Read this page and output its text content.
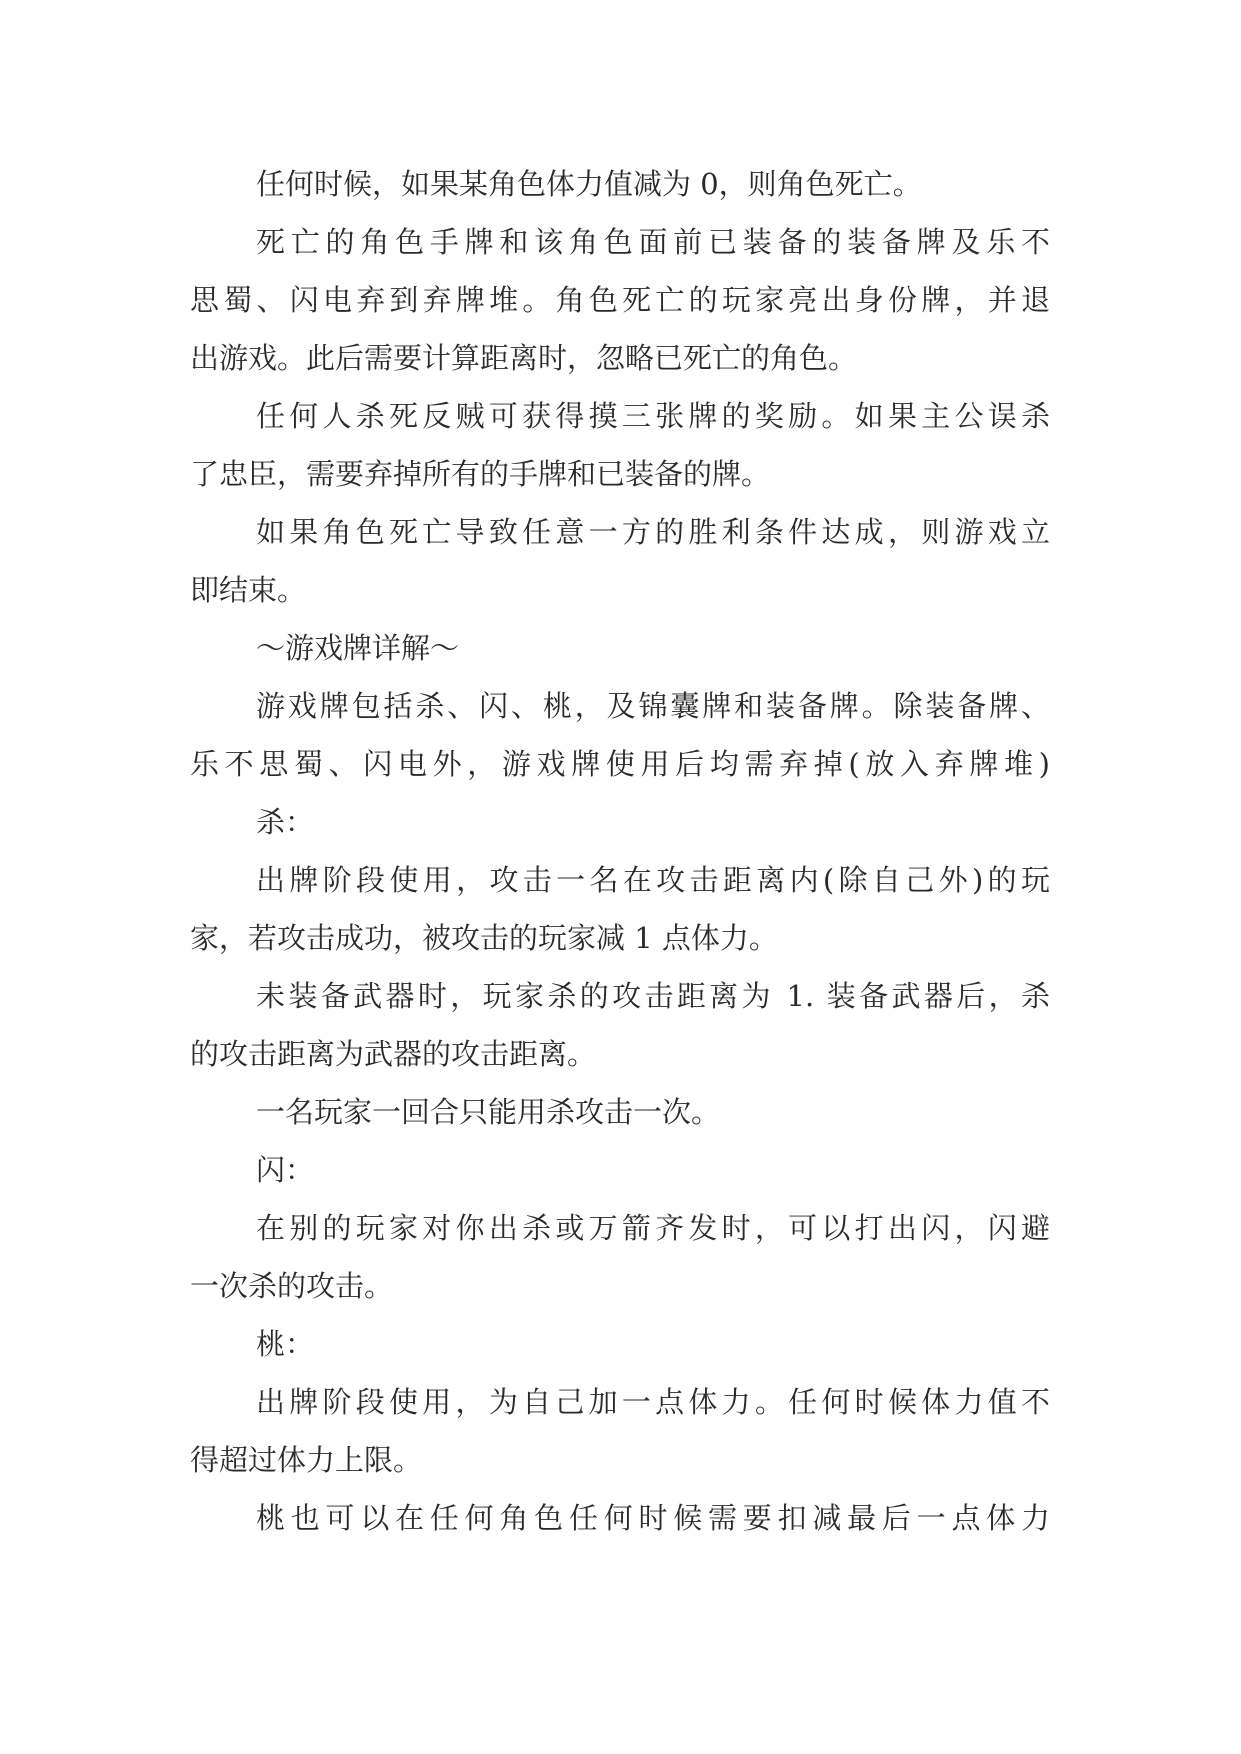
任何时候，如果某角色体力值减为 0，则角色死亡。
死亡的角色手牌和该角色面前已装备的装备牌及乐不
思蜀、闪电弃到弃牌堆。角色死亡的玩家亮出身份牌，并退
出游戏。此后需要计算距离时，忽略已死亡的角色。
任何人杀死反贼可获得摸三张牌的奖励。如果主公误杀
了忠臣，需要弃掉所有的手牌和已装备的牌。
如果角色死亡导致任意一方的胜利条件达成，则游戏立
即结束。
～游戏牌详解～
游戏牌包括杀、闪、桃，及锦囊牌和装备牌。除装备牌、
乐不思蜀、闪电外，游戏牌使用后均需弃掉(放入弃牌堆)
杀：
出牌阶段使用，攻击一名在攻击距离内(除自己外)的玩
家，若攻击成功，被攻击的玩家减 1 点体力。
未装备武器时，玩家杀的攻击距离为 1. 装备武器后，杀
的攻击距离为武器的攻击距离。
一名玩家一回合只能用杀攻击一次。
闪：
在别的玩家对你出杀或万箭齐发时，可以打出闪，闪避
一次杀的攻击。
桃：
出牌阶段使用，为自己加一点体力。任何时候体力值不
得超过体力上限。
桃也可以在任何角色任何时候需要扣减最后一点体力
